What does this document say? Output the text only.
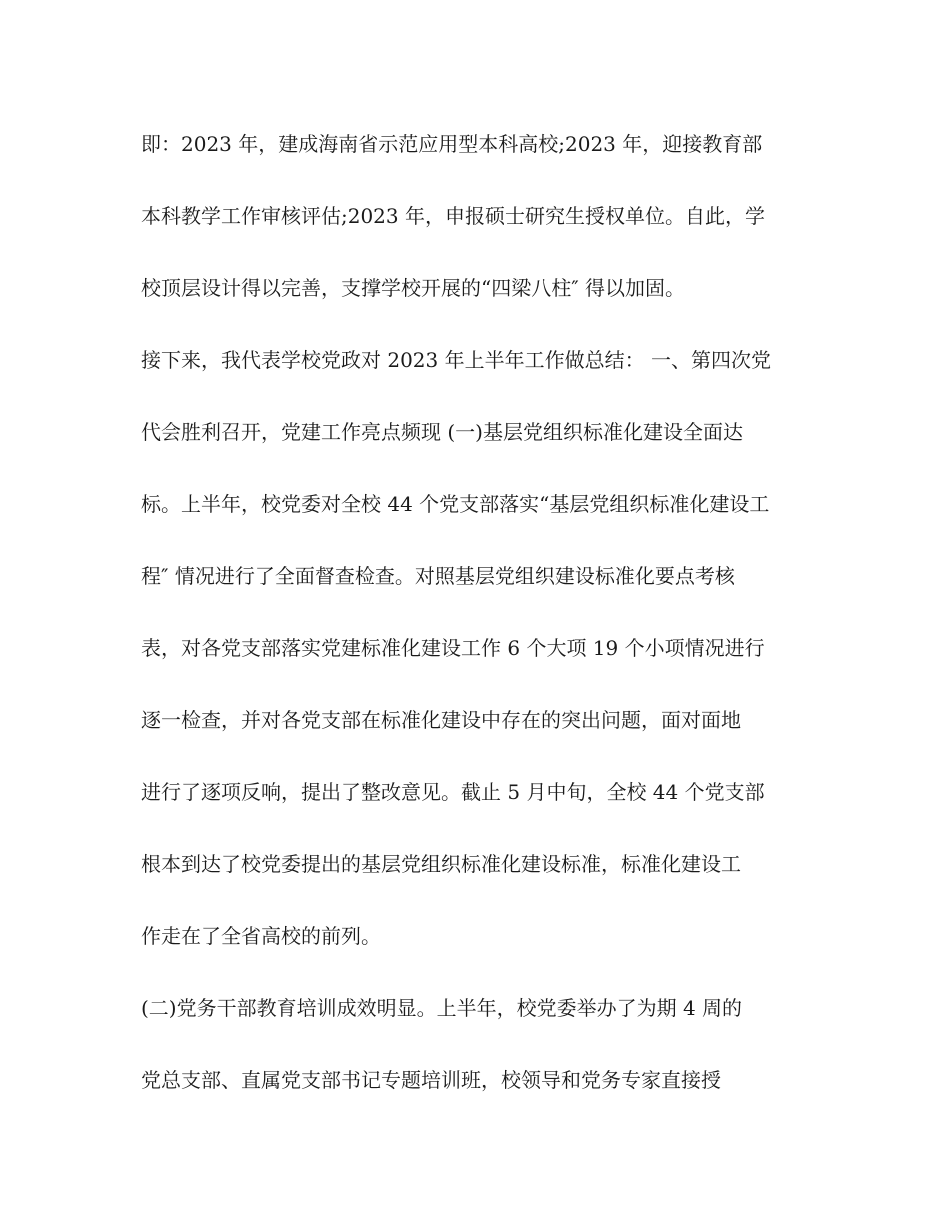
即：2023 年，建成海南省示范应用型本科高校;2023 年，迎接教育部

本科教学工作审核评估;2023 年，申报硕士研究生授权单位。自此，学

校顶层设计得以完善，支撑学校开展的“四梁八柱″ 得以加固。

接下来，我代表学校党政对 2023 年上半年工作做总结： 一、第四次党

代会胜利召开，党建工作亮点频现 (一)基层党组织标准化建设全面达

标。上半年，校党委对全校 44 个党支部落实“基层党组织标准化建设工

程″ 情况进行了全面督查检查。对照基层党组织建设标准化要点考核

表，对各党支部落实党建标准化建设工作 6 个大项 19 个小项情况进行

逐一检查，并对各党支部在标准化建设中存在的突出问题，面对面地

进行了逐项反响，提出了整改意见。截止 5 月中旬，全校 44 个党支部

根本到达了校党委提出的基层党组织标准化建设标准，标准化建设工

作走在了全省高校的前列。

(二)党务干部教育培训成效明显。上半年，校党委举办了为期 4 周的

党总支部、直属党支部书记专题培训班，校领导和党务专家直接授
